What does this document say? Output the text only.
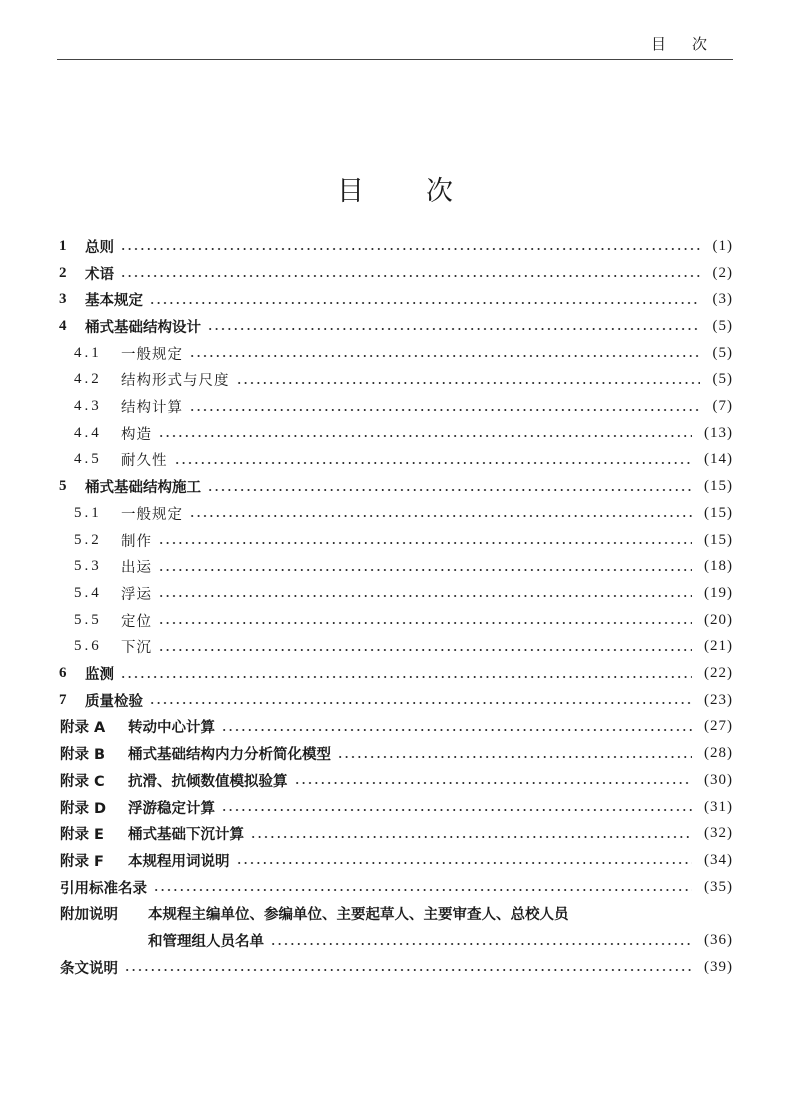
目次
目次
1 总则	(1)
2 术语	(2)
3 基本规定	(3)
4 桶式基础结构设计	(5)
4.1 一般规定	(5)
4.2 结构形式与尺度	(5)
4.3 结构计算	(7)
4.4 构造	(13)
4.5 耐久性	(14)
5 桶式基础结构施工	(15)
5.1 一般规定	(15)
5.2 制作	(15)
5.3 出运	(18)
5.4 浮运	(19)
5.5 定位	(20)
5.6 下沉	(21)
6 监测	(22)
7 质量检验	(23)
附录 A 转动中心计算	(27)
附录 B 桶式基础结构内力分析简化模型	(28)
附录 C 抗滑、抗倾数值模拟验算	(30)
附录 D 浮游稳定计算	(31)
附录 E 桶式基础下沉计算	(32)
附录 F 本规程用词说明	(34)
引用标准名录	(35)
附加说明 本规程主编单位、参编单位、主要起草人、主要审查人、总校人员
和管理组人员名单	(36)
条文说明	(39)
